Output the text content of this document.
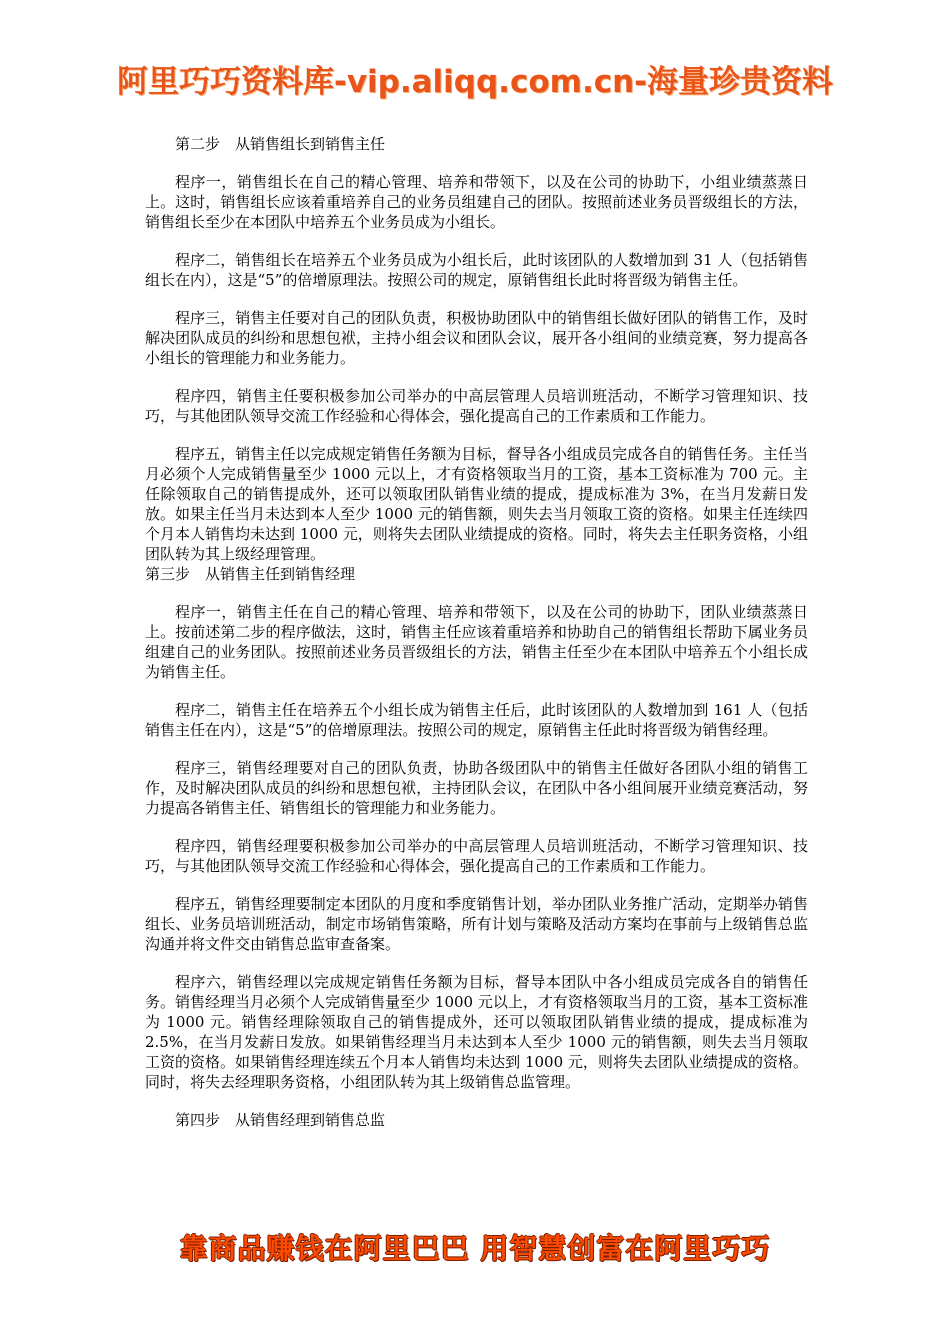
阿里巧巧资料库-vip.aliqq.com.cn-海量珍贵资料

第二步　从销售组长到销售主任

程序一，销售组长在自己的精心管理、培养和带领下，以及在公司的协助下，小组业绩蒸蒸日上。这时，销售组长应该着重培养自己的业务员组建自己的团队。按照前述业务员晋级组长的方法，销售组长至少在本团队中培养五个业务员成为小组长。

程序二，销售组长在培养五个业务员成为小组长后，此时该团队的人数增加到 31 人（包括销售组长在内），这是“5”的倍增原理法。按照公司的规定，原销售组长此时将晋级为销售主任。

程序三，销售主任要对自己的团队负责，积极协助团队中的销售组长做好团队的销售工作，及时解决团队成员的纠纷和思想包袱，主持小组会议和团队会议，展开各小组间的业绩竞赛，努力提高各小组长的管理能力和业务能力。

程序四，销售主任要积极参加公司举办的中高层管理人员培训班活动，不断学习管理知识、技巧，与其他团队领导交流工作经验和心得体会，强化提高自己的工作素质和工作能力。

程序五，销售主任以完成规定销售任务额为目标，督导各小组成员完成各自的销售任务。主任当月必须个人完成销售量至少 1000 元以上，才有资格领取当月的工资，基本工资标准为 700 元。主任除领取自己的销售提成外，还可以领取团队销售业绩的提成，提成标准为 3%，在当月发薪日发放。如果主任当月未达到本人至少 1000 元的销售额，则失去当月领取工资的资格。如果主任连续四个月本人销售均未达到 1000 元，则将失去团队业绩提成的资格。同时，将失去主任职务资格，小组团队转为其上级经理管理。

第三步　从销售主任到销售经理

程序一，销售主任在自己的精心管理、培养和带领下，以及在公司的协助下，团队业绩蒸蒸日上。按前述第二步的程序做法，这时，销售主任应该着重培养和协助自己的销售组长帮助下属业务员组建自己的业务团队。按照前述业务员晋级组长的方法，销售主任至少在本团队中培养五个小组长成为销售主任。

程序二，销售主任在培养五个小组长成为销售主任后，此时该团队的人数增加到 161 人（包括销售主任在内），这是“5”的倍增原理法。按照公司的规定，原销售主任此时将晋级为销售经理。

程序三，销售经理要对自己的团队负责，协助各级团队中的销售主任做好各团队小组的销售工作，及时解决团队成员的纠纷和思想包袱，主持团队会议，在团队中各小组间展开业绩竞赛活动，努力提高各销售主任、销售组长的管理能力和业务能力。

程序四，销售经理要积极参加公司举办的中高层管理人员培训班活动，不断学习管理知识、技巧，与其他团队领导交流工作经验和心得体会，强化提高自己的工作素质和工作能力。

程序五，销售经理要制定本团队的月度和季度销售计划，举办团队业务推广活动，定期举办销售组长、业务员培训班活动，制定市场销售策略，所有计划与策略及活动方案均在事前与上级销售总监沟通并将文件交由销售总监审查备案。

程序六，销售经理以完成规定销售任务额为目标，督导本团队中各小组成员完成各自的销售任务。销售经理当月必须个人完成销售量至少 1000 元以上，才有资格领取当月的工资，基本工资标准为 1000 元。销售经理除领取自己的销售提成外，还可以领取团队销售业绩的提成，提成标准为 2.5%，在当月发薪日发放。如果销售经理当月未达到本人至少 1000 元的销售额，则失去当月领取工资的资格。如果销售经理连续五个月本人销售均未达到 1000 元，则将失去团队业绩提成的资格。同时，将失去经理职务资格，小组团队转为其上级销售总监管理。

第四步　从销售经理到销售总监

靠商品赚钱在阿里巴巴 用智慧创富在阿里巧巧
